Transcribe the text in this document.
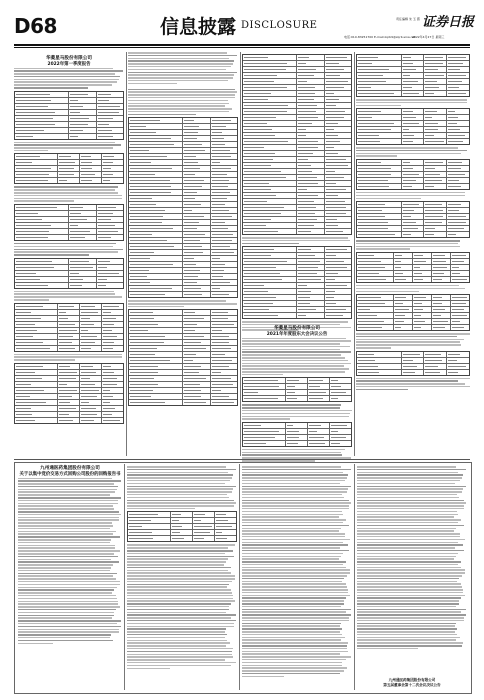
D68	信息披露 DISCLOSURE
责任编辑 朱 玉 霞 证券日报
电话:010-83251700 E-mail:zqrb9@zqrb.sina.net
2022年4月27日 星期三
华菱星马股份有限公司
2022年第一季度报告
华菱星马股份有限公司
2021年年度股东大会决议公告
九州通医药集团股份有限公司
关于以集中竞价交易方式回购公司股份的回购报告书
九州通医药集团股份有限公司
第五届董事会第十二次会议决议公告
